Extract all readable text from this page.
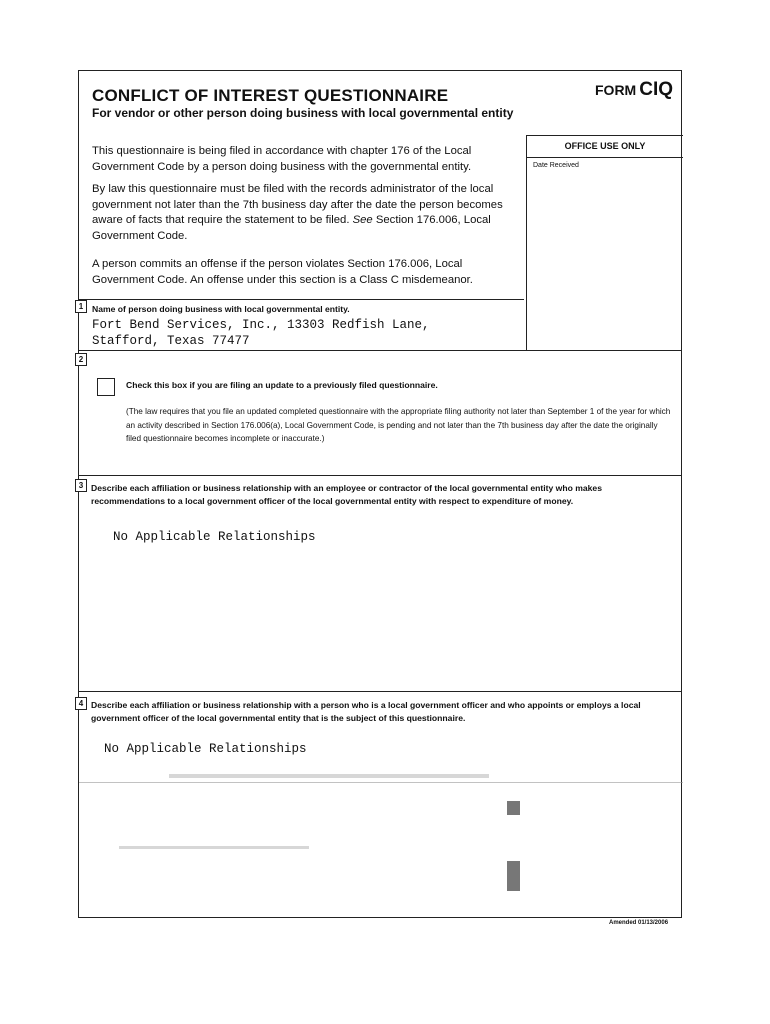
CONFLICT OF INTEREST QUESTIONNAIRE
For vendor or other person doing business with local governmental entity
FORM CIQ
OFFICE USE ONLY
Date Received
This questionnaire is being filed in accordance with chapter 176 of the Local Government Code by a person doing business with the governmental entity.
By law this questionnaire must be filed with the records administrator of the local government not later than the 7th business day after the date the person becomes aware of facts that require the statement to be filed. See Section 176.006, Local Government Code.
A person commits an offense if the person violates Section 176.006, Local Government Code. An offense under this section is a Class C misdemeanor.
1	Name of person doing business with local governmental entity.
Fort Bend Services, Inc., 13303 Redfish Lane,
Stafford, Texas 77477
2
Check this box if you are filing an update to a previously filed questionnaire.
(The law requires that you file an updated completed questionnaire with the appropriate filing authority not later than September 1 of the year for which an activity described in Section 176.006(a), Local Government Code, is pending and not later than the 7th business day after the date the originally filed questionnaire becomes incomplete or inaccurate.)
3 Describe each affiliation or business relationship with an employee or contractor of the local governmental entity who makes recommendations to a local government officer of the local governmental entity with respect to expenditure of money.
No Applicable Relationships
4 Describe each affiliation or business relationship with a person who is a local government officer and who appoints or employs a local government officer of the local governmental entity that is the subject of this questionnaire.
No Applicable Relationships
Amended 01/13/2006
